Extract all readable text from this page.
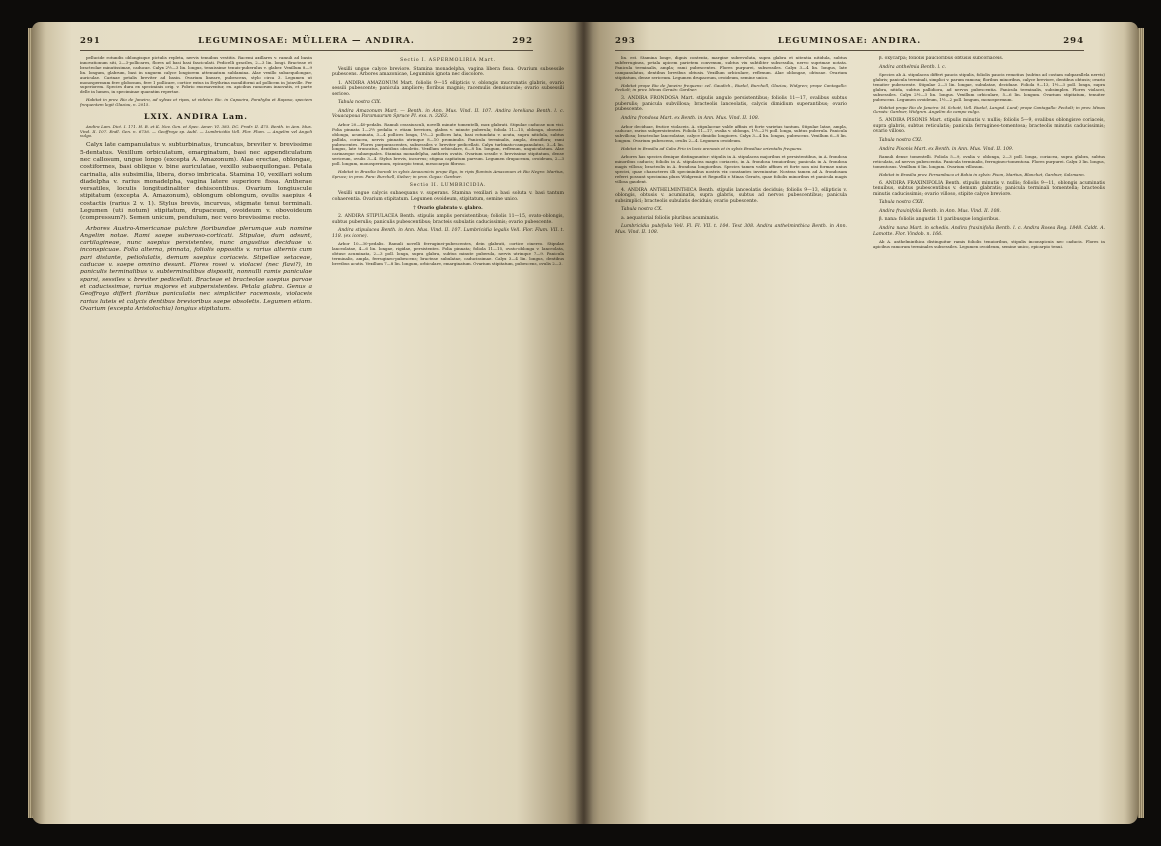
291	LEGUMINOSAE: MÜLLERA — ANDIRA.	292

pellucide rotundis oblongisque pictulis repleta, nervis tenuibus vestitis. Racemi axillares v. ramuli ad basin innovationum siti, 2—3-pollicares, flores ad basi basi fasciculati. Pedicelli graciles, 2—3 lin. longi. Bracteae et bracteolae minutissimae, caducae. Calyx 2½—3 lin. longus, tenuissime tenuis-puberulus v. glaber. Vexillum 8—9 lin. longum, glabrum, basi in unguem calyce longiorem attenuatum sublamina. Alae vexillo subaequilongae, auriculae. Carinae petalis breviter ad basin. Ovarium lineare, pubescens, stylo circa 3. Legumen ut monospermum fere globosum, fere 1 pollicare, cortice extus in Erythrina moniliformi ad pollicem in Joinville. Per superiorem. Species dura ex speciminis orig. v. Pobrio exornaventur, ex. apicibus ramorum innovatis, et parte delle in lumen, in speciminae quaeatim repertae.

Habitat in prov. Rio de Janeiro, ad sylvas et ripas, ut videtur. Ric. in Capoeira, Parahyba et Raposo, speciem frequentem legit Glaziou, n. 2015.

LXIX. ANDIRA Lam.

Andira Lam. Dict. I. 171. H. B. et K. Nov. Gen. et Spec. Amer. VI. 383. DC. Prodr. II. 475. Benth. in Ann. Mus. Vind. II. 107. Endl. Gen. n. 6736. — Geoffroya sp. Aubl. — Lumbricidia Vell. Flor. Flum. — Angelim vel Angeli vulgo.

Calyx late campanulatus v. subturbinatus, truncatus, breviter v. brevissime 5-dentatus. Vexillum orbiculatum, emarginatum, basi nec appendiculatum nec callosum, ungue longo (excepta A. Amazonum). Alae erectae, oblongae, costiformes, basi oblique v. bine auriculatae, vexillo subaequilongae. Petala carinalia, alis subsimilia, libera, dorso imbricata. Stamina 10, vexillari solum diadelpha v. rarius monadelpha, vagina latere superiore fissa. Antherae versatiles, loculis longitudinaliter dehiscentibus. Ovarium longiuscule stipitatum (excepta A. Amazonum), oblongum oblongum, ovulis saepius 4 costactis (rarius 2 v. 1). Stylus brevis, incurvus, stigmate tenui terminali. Legumen (uti notum) stipitatum, drupaceum, ovoideum v. obovoideum (compressum?). Semen unicum, pendulum, nec vero brevissime recto.

Arbores Austro-Americanae pulchre floribundae plerumque sub nomine Angelim notae. Rami saepe suberoso-corticati. Stipulae, dum adsunt, cartilagineae, nunc saepius persistentes, nunc angustius deciduae v. inconspicuae. Folia alterna, pinnata, foliolis oppositis v. rarius alternis cum pari distante, petiolulatis, demum saepius coriaceis. Stipellae setaceae, caducae v. saepe omnino desunt. Flores rosei v. violacei (nec flavi?), in paniculis terminalibus v. subterminalibus dispositi, nonnulli ramis paniculae sparsi, sessiles v. breviter pedicellati. Bracteae et bracteolae saepius parvae et caducissimae, rarius majores et subpersistentes. Petala glabra. Genus a Geoffroya differt floribus paniculatis nec simpliciter racemosis, violaceis rarius luteis et calycis dentibus brevioribus saepe obsoletis. Legumen etiam. Ovarium (excepta Aristolochia) longius stipitatum.

Sectio I. ASPERMOLIRIA Mart.

Vexilli ungue calyce breviore. Stamina monadelpha, vagina libera fissa. Ovarium subsessile pubescens. Arbores amazonicae, Leguminis ignota nec discolore.

1. ANDIRA AMAZONUM Mart. foliolis 9—15 ellipticis v. oblongis mucronatis glabris, ovario sessili pubescente; panicula ampliore; floribus magnis; racemulis densiuscule; ovario subsessili sericeo.

Tabula nostra CIX.

Andira Amazonum Mart. — Benth. in Ann. Mus. Vind. II. 107. Andira loreliana Benth. l. c. Vouacapoua Paramaurum Spruce Pl. exs. n. 3263.

Arbor 20—40-pedalis. Ramuli crassiusculi, novelli minute tomentelli, mox glabrati. Stipulae caducae non visi. Folia pinnata 1—2½ pedalia v. etiam breviora, glabra v. minute puberula; foliola 11—15, oblonga, obovato-oblonga, acuminata, 3—4 pollices longa, 1½—2 pollices lata, basi rotundata v. acuta, supra nitidula, subtus pallida, coriacea, nervis pinnatis utrinque 8—10 prominulis. Panicula terminalis, ampla, densiflora; rami pubescentes. Flores purpurascentes, subsessiles v. breviter pedicellati. Calyx turbinato-campanulatus, 3—4 lin. longus, late truncatus, dentibus obsoletis. Vexillum orbiculare, 6—8 lin. longum, reflexum, unguiculatum. Alae carinaeque subaequales. Stamina monadelpha, antheris ovatis. Ovarium sessile v. brevissime stipitatum, dense sericeum, ovulis 3—4. Stylus brevis, incurvus; stigma capitatum parvum. Legumen drupaceum, ovoideum, 2—3 poll. longum, monospermum, epicarpio tenui, mesocarpio fibroso.

Habitat in Brasilia boreali in sylvis Amazonicis prope Ega, in ripis fluminis Amazonum et Rio Negro: Martius, Spruce; in prov. Para: Burchell, Sieber; in prov. Goyaz: Gardner.

Sectio II. LUMBRICIDIA.

Vexilli ungue calycis subaequans v. superans. Stamina vexillari a basi soluta v. basi tantum cohaerentia. Ovarium stipitatum. Legumen ovoideum, stipitatum, semine unico.

† Ovario glabrato v. glabro.

2. ANDIRA STIPULACEA Benth. stipulis amplis persistentibus; foliolis 11—15, ovato-oblongis, subtus puberulis; paniculis pubescentibus; bracteis subulatis caducissimis; ovario pubescente.

Andira stipulacea Benth. in Ann. Mus. Vind. II. 107. Lumbricidia legalis Vell. Flor. Flum. VII. t. 118. (ex icone).

Arbor 10—30-pedalis. Ramuli novelli ferruginei-pubescentes, dein glabrati, cortice cinereo. Stipulae lanceolatae, 4—6 lin. longae, rigidae, persistentes. Folia pinnata; foliola 11—15, ovato-oblonga v. lanceolata, obtuse acuminata, 2—3 poll. longa, supra glabra, subtus minute puberula, nervis utrinque 7—9. Panicula terminalis, ampla, ferrugineo-pubescens; bracteae subulatae, caducissimae. Calyx 3—4 lin. longus, dentibus brevibus acutis. Vexillum 7—8 lin. longum, orbiculare, emarginatum. Ovarium stipitatum, pubescens, ovulis 2—3.

293	LEGUMINOSAE: ANDIRA.	294

lin. est. Stamina longe, dignis contenta, margine subrevoluta, supra glabra et nitentia nitidula, subtus subferruginea, petala apicem parietem convexum, subtus vix subtiliter subsessilia, nervo suprimae notata. Panicula terminalis, ampla; rami pubescentes. Flores purpurei, subsessiles. Calyx 3—4 lin. longus, late campanulatus, dentibus brevibus obtusis. Vexillum orbiculare, reflexum. Alae oblongae, obtusae. Ovarium stipitatum, dense sericeum. Legumen drupaceum, ovoideum, semine unico.

Habitat prope Rio de Janeiro frequens: cel. Gaudich., Riedel, Burchell, Glaziou, Widgren; prope Cantagallo: Peckolt; in prov. Minas Geraës: Gardner.

3. ANDIRA FRONDOSA Mart. stipulis angulo persistentibus; foliolis 11—17, ovalibus subtus puberulis; panicula subvillosa; bracteolis lanceolatis, calycis dimidium superantibus; ovario pubescente.

Andira frondosa Mart. ex Benth. in Ann. Mus. Vind. II. 108.

Arbor deciduae, frutice violaceis. A. stipulaceae valde affinis et forte varietas tantum. Stipulae latae, ampla, caducae, rarius subpersistentes. Foliola 11—17, ovalia v. oblonga, 1½—2½ poll. longa, subtus puberula. Panicula subvillosa; bracteolae lanceolatae, calyce dimidio longiores. Calyx 3—4 lin. longus, pubescens. Vexillum 6—8 lin. longum. Ovarium pubescens, ovulis 2—4. Legumen ovoideum.

Habitat in Brasilia ad Cabo Frio in locis arenosis et in sylvis Brasiliae orientalis frequens.

Arbores has species denique distinguuntur: stipulis in A. stipulacea majoribus et persistentibus, in A. frondosa minoribus caducis; foliolis in A. stipulacea magis coriaceis, in A. frondosa tenuioribus; panicula in A. frondosa magis villosa; bracteolis in A. frondosa longioribus. Species tamen valde affines et forte non nisi formae unius speciei, quae characteres illi speciminibus nostris vix constantes inveniuntur. Nostras tamen ad A. frondosam referri possunt specimina plura Widgrenii et Regnellii e Minas Geraës, quae foliolis minoribus et panicula magis villosa gaudent.

4. ANDIRA ANTHELMINTHICA Benth. stipulis lanceolatis deciduis; foliolis 9—13, ellipticis v. oblongis, obtusis v. acuminatis, supra glabris, subtus ad nervos pubescentibus; panicula subsimplici; bracteolis subulatis deciduis; ovario pubescente.

Tabula nostra CX.

a. aequatorial foliolis pluribus acuminatis.

Lumbricidia pubifoila Vell. Fl. Fl. VII. t. 104. Text 308. Andira anthelminthica Benth. in Ann. Mus. Vind. II. 108.

β. oxycarpa; foliolis paucioribus obtusis subcoriaceis.

Andira anthelmia Benth. l. c.

Species ab A. stipulacea differt paucis stipulis, foliolis paucis remotius (subtus ad costam subparallela nervis) glabris; panicula terminali, simplici v. parum ramosa; floribus minoribus, calyce breviore, dentibus obtusis; ovario tenuiter pubescente. Stipulae 2—3 lin. longae, subulatae, deciduae. Foliola 9—13, 1½—3 poll. longa, supra glabra, nitida, subtus pallidiora, ad nervos pubescentia. Panicula terminalis, subsimplex. Flores violacei, subsessiles. Calyx 2½—3 lin. longus. Vexillum orbiculare, 5—6 lin. longum. Ovarium stipitatum, tenuiter pubescens. Legumen ovoideum, 1½—2 poll. longum, monospermum.

Habitat prope Rio de Janeiro: M. Schott, Vell. Riedel, Langsd. Lund; prope Cantagallo: Peckolt; in prov. Minas Geraës: Gardner, Widgren. Angelim do campo vulgo.

5. ANDIRA PISONIS Mart. stipulis minutis v. nullis; foliolis 5—9, ovalibus oblongisve coriaceis, supra glabris, subtus reticulatis; panicula ferrugineo-tomentosa; bracteolis minutis caducissimis; ovario villoso.

Tabula nostra CXI.

Andira Pisonis Mart. ex Benth. in Ann. Mus. Vind. II. 109.

Ramuli dense tomentelli. Foliola 5—9, ovalia v. oblonga, 2—3 poll. longa, coriacea, supra glabra, subtus reticulata, ad nervos pubescentia. Panicula terminalis, ferrugineo-tomentosa. Flores purpurei. Calyx 3 lin. longus, tomentosus. Vexillum 6 lin. longum. Ovarium villosum.

Habitat in Brasilia prov. Pernambuco et Bahia in sylvis: Pison, Martius, Blanchet, Gardner, Salzmann.

6. ANDIRA FRAXINIFOLIA Benth. stipulis minutis v. nullis; foliolis 9—11, oblongis acuminatis tenuibus, subtus pubescentibus v. demum glabratis; panicula terminali tomentella; bracteolis minutis caducissimis; ovario villoso, stipite calyce breviore.

Tabula nostra CXII.

Andira fraxinifolia Benth. in Ann. Mus. Vind. II. 108.

β. nana: foliolis angustis 11 paribusque longioribus.

Andira nana Mart. in schedis. Andira fraxinifolia Benth. l. c. Andira Rosea Reg. 1848. Caldt. A. Lamotte. Flor. Vindob. n. 166.

Ab A. anthelminthica distinguitur ramis foliolis tenuioribus, stipulis inconspicuis nec caducis. Flores in apicibus ramorum terminales subsessiles. Legumen ovoideum, semine unico, epicarpio tenui.
